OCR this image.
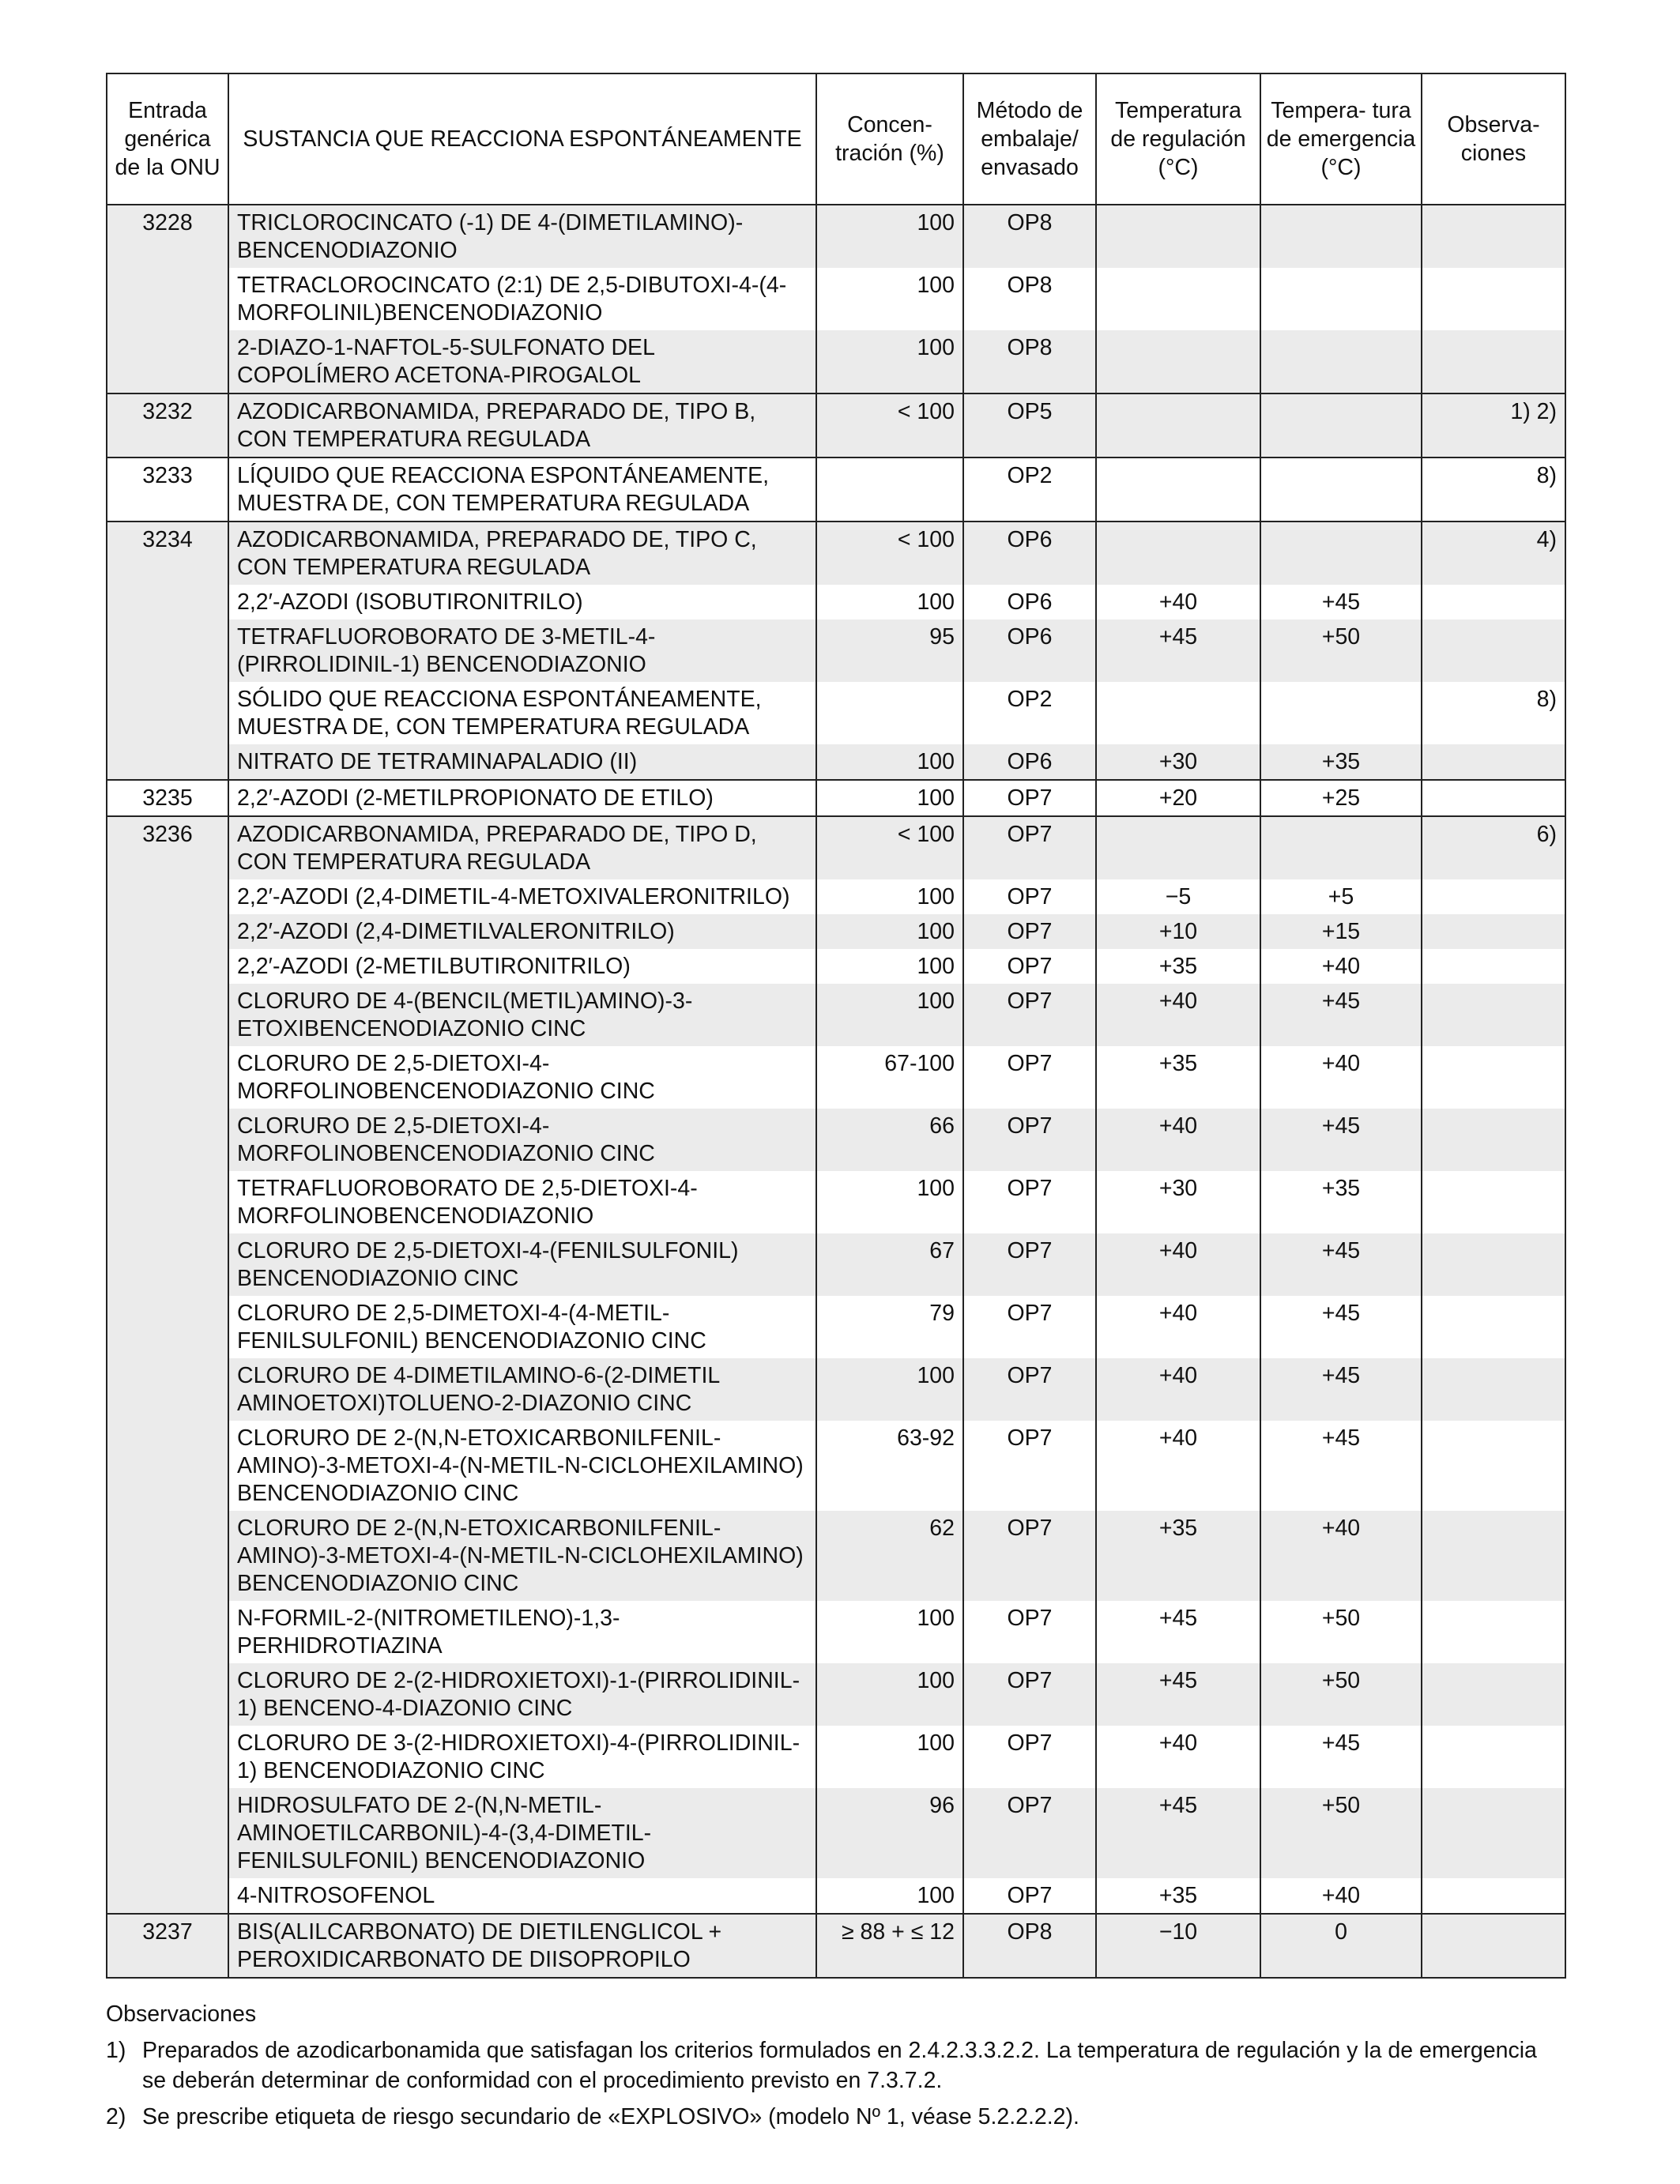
Entrada genérica de la ONU	SUSTANCIA QUE REACCIONA ESPONTÁNEAMENTE	Concen- tración (%)	Método de embalaje/ envasado	Temperatura de regulación (°C)	Tempera- tura de emergencia (°C)	Observa- ciones
3228	TRICLOROCINCATO (-1) DE 4-(DIMETILAMINO)-BENCENODIAZONIO	100	OP8			
	TETRACLOROCINCATO (2:1) DE 2,5-DIBUTOXI-4-(4-MORFOLINIL)BENCENODIAZONIO	100	OP8			
	2-DIAZO-1-NAFTOL-5-SULFONATO DEL COPOLÍMERO ACETONA-PIROGALOL	100	OP8			
3232	AZODICARBONAMIDA, PREPARADO DE, TIPO B, CON TEMPERATURA REGULADA	< 100	OP5			1) 2)
3233	LÍQUIDO QUE REACCIONA ESPONTÁNEAMENTE, MUESTRA DE, CON TEMPERATURA REGULADA		OP2			8)
3234	AZODICARBONAMIDA, PREPARADO DE, TIPO C, CON TEMPERATURA REGULADA	< 100	OP6			4)
	2,2′-AZODI (ISOBUTIRONITRILO)	100	OP6	+40	+45	
	TETRAFLUOROBORATO DE 3-METIL-4-(PIRROLIDINIL-1) BENCENODIAZONIO	95	OP6	+45	+50	
	SÓLIDO QUE REACCIONA ESPONTÁNEAMENTE, MUESTRA DE, CON TEMPERATURA REGULADA		OP2			8)
	NITRATO DE TETRAMINAPALADIO (II)	100	OP6	+30	+35	
3235	2,2′-AZODI (2-METILPROPIONATO DE ETILO)	100	OP7	+20	+25	
3236	AZODICARBONAMIDA, PREPARADO DE, TIPO D, CON TEMPERATURA REGULADA	< 100	OP7			6)
	2,2′-AZODI (2,4-DIMETIL-4-METOXIVALERONITRILO)	100	OP7	−5	+5	
	2,2′-AZODI (2,4-DIMETILVALERONITRILO)	100	OP7	+10	+15	
	2,2′-AZODI (2-METILBUTIRONITRILO)	100	OP7	+35	+40	
	CLORURO DE 4-(BENCIL(METIL)AMINO)-3-ETOXIBENCENODIAZONIO CINC	100	OP7	+40	+45	
	CLORURO DE 2,5-DIETOXI-4-MORFOLINOBENCENODIAZONIO CINC	67-100	OP7	+35	+40	
	CLORURO DE 2,5-DIETOXI-4-MORFOLINOBENCENODIAZONIO CINC	66	OP7	+40	+45	
	TETRAFLUOROBORATO DE 2,5-DIETOXI-4-MORFOLINOBENCENODIAZONIO	100	OP7	+30	+35	
	CLORURO DE 2,5-DIETOXI-4-(FENILSULFONIL) BENCENODIAZONIO CINC	67	OP7	+40	+45	
	CLORURO DE 2,5-DIMETOXI-4-(4-METIL-FENILSULFONIL) BENCENODIAZONIO CINC	79	OP7	+40	+45	
	CLORURO DE 4-DIMETILAMINO-6-(2-DIMETIL AMINOETOXI)TOLUENO-2-DIAZONIO CINC	100	OP7	+40	+45	
	CLORURO DE 2-(N,N-ETOXICARBONILFENIL-AMINO)-3-METOXI-4-(N-METIL-N-CICLOHEXILAMINO) BENCENODIAZONIO CINC	63-92	OP7	+40	+45	
	CLORURO DE 2-(N,N-ETOXICARBONILFENIL-AMINO)-3-METOXI-4-(N-METIL-N-CICLOHEXILAMINO) BENCENODIAZONIO CINC	62	OP7	+35	+40	
	N-FORMIL-2-(NITROMETILENO)-1,3-PERHIDROTIAZINA	100	OP7	+45	+50	
	CLORURO DE 2-(2-HIDROXIETOXI)-1-(PIRROLIDINIL-1) BENCENO-4-DIAZONIO CINC	100	OP7	+45	+50	
	CLORURO DE 3-(2-HIDROXIETOXI)-4-(PIRROLIDINIL-1) BENCENODIAZONIO CINC	100	OP7	+40	+45	
	HIDROSULFATO DE 2-(N,N-METIL-AMINOETILCARBONIL)-4-(3,4-DIMETIL-FENILSULFONIL) BENCENODIAZONIO	96	OP7	+45	+50	
	4-NITROSOFENOL	100	OP7	+35	+40	
3237	BIS(ALILCARBONATO) DE DIETILENGLICOL + PEROXIDICARBONATO DE DIISOPROPILO	≥ 88 + ≤ 12	OP8	−10	0	
Observaciones
1) Preparados de azodicarbonamida que satisfagan los criterios formulados en 2.4.2.3.3.2.2. La temperatura de regulación y la de emergencia se deberán determinar de conformidad con el procedimiento previsto en 7.3.7.2.
2) Se prescribe etiqueta de riesgo secundario de «EXPLOSIVO» (modelo Nº 1, véase 5.2.2.2.2).
